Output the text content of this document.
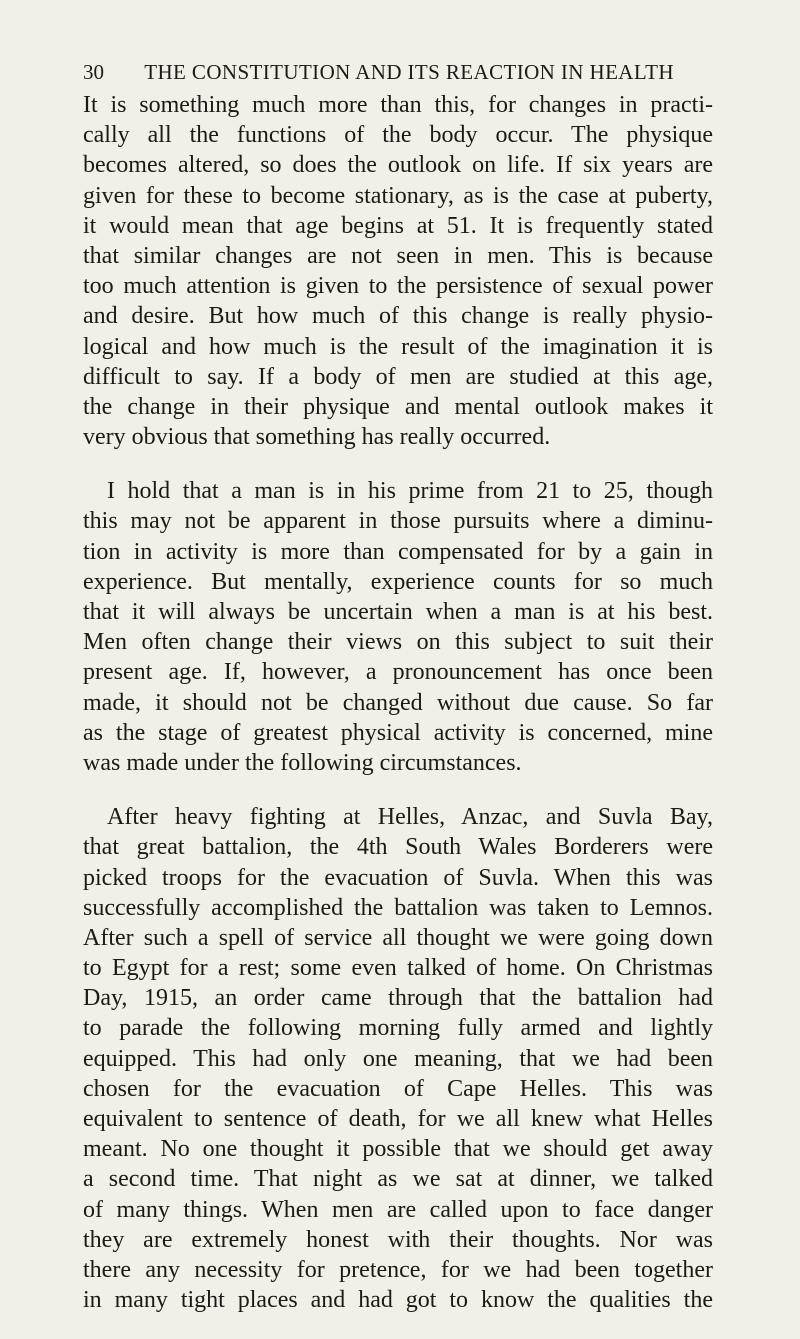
30 THE CONSTITUTION AND ITS REACTION IN HEALTH

It is something much more than this, for changes in practi-
cally all the functions of the body occur. The physique
becomes altered, so does the outlook on life. If six years are
given for these to become stationary, as is the case at puberty,
it would mean that age begins at 51. It is frequently stated
that similar changes are not seen in men. This is because
too much attention is given to the persistence of sexual power
and desire. But how much of this change is really physio-
logical and how much is the result of the imagination it is
difficult to say. If a body of men are studied at this age,
the change in their physique and mental outlook makes it
very obvious that something has really occurred.

I hold that a man is in his prime from 21 to 25, though
this may not be apparent in those pursuits where a diminu-
tion in activity is more than compensated for by a gain in
experience. But mentally, experience counts for so much
that it will always be uncertain when a man is at his best.
Men often change their views on this subject to suit their
present age. If, however, a pronouncement has once been
made, it should not be changed without due cause. So far
as the stage of greatest physical activity is concerned, mine
was made under the following circumstances.

After heavy fighting at Helles, Anzac, and Suvla Bay,
that great battalion, the 4th South Wales Borderers were
picked troops for the evacuation of Suvla. When this was
successfully accomplished the battalion was taken to Lemnos.
After such a spell of service all thought we were going down
to Egypt for a rest; some even talked of home. On Christmas
Day, 1915, an order came through that the battalion had
to parade the following morning fully armed and lightly
equipped. This had only one meaning, that we had been
chosen for the evacuation of Cape Helles. This was
equivalent to sentence of death, for we all knew what Helles
meant. No one thought it possible that we should get away
a second time. That night as we sat at dinner, we talked
of many things. When men are called upon to face danger
they are extremely honest with their thoughts. Nor was
there any necessity for pretence, for we had been together
in many tight places and had got to know the qualities the
